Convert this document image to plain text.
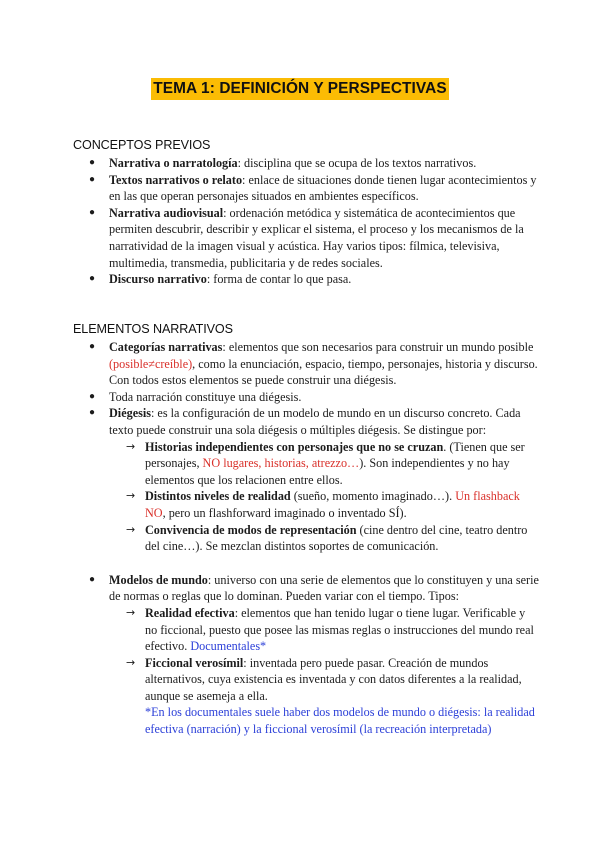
TEMA 1: DEFINICIÓN Y PERSPECTIVAS
CONCEPTOS PREVIOS
● Narrativa o narratología: disciplina que se ocupa de los textos narrativos.
● Textos narrativos o relato: enlace de situaciones donde tienen lugar acontecimientos y en las que operan personajes situados en ambientes específicos.
● Narrativa audiovisual: ordenación metódica y sistemática de acontecimientos que permiten descubrir, describir y explicar el sistema, el proceso y los mecanismos de la narratividad de la imagen visual y acústica. Hay varios tipos: fílmica, televisiva, multimedia, transmedia, publicitaria y de redes sociales.
● Discurso narrativo: forma de contar lo que pasa.
ELEMENTOS NARRATIVOS
● Categorías narrativas: elementos que son necesarios para construir un mundo posible (posible≠creíble), como la enunciación, espacio, tiempo, personajes, historia y discurso. Con todos estos elementos se puede construir una diégesis.
● Toda narración constituye una diégesis.
● Diégesis: es la configuración de un modelo de mundo en un discurso concreto. Cada texto puede construir una sola diégesis o múltiples diégesis. Se distingue por:
→ Historias independientes con personajes que no se cruzan. (Tienen que ser personajes, NO lugares, historias, atrezzo…). Son independientes y no hay elementos que los relacionen entre ellos.
→ Distintos niveles de realidad (sueño, momento imaginado…). Un flashback NO, pero un flashforward imaginado o inventado SÍ).
→ Convivencia de modos de representación (cine dentro del cine, teatro dentro del cine…). Se mezclan distintos soportes de comunicación.
● Modelos de mundo: universo con una serie de elementos que lo constituyen y una serie de normas o reglas que lo dominan. Pueden variar con el tiempo. Tipos:
→ Realidad efectiva: elementos que han tenido lugar o tiene lugar. Verificable y no ficcional, puesto que posee las mismas reglas o instrucciones del mundo real efectivo. Documentales*
→ Ficcional verosímil: inventada pero puede pasar. Creación de mundos alternativos, cuya existencia es inventada y con datos diferentes a la realidad, aunque se asemeja a ella.
*En los documentales suele haber dos modelos de mundo o diégesis: la realidad efectiva (narración) y la ficcional verosímil (la recreación interpretada)
